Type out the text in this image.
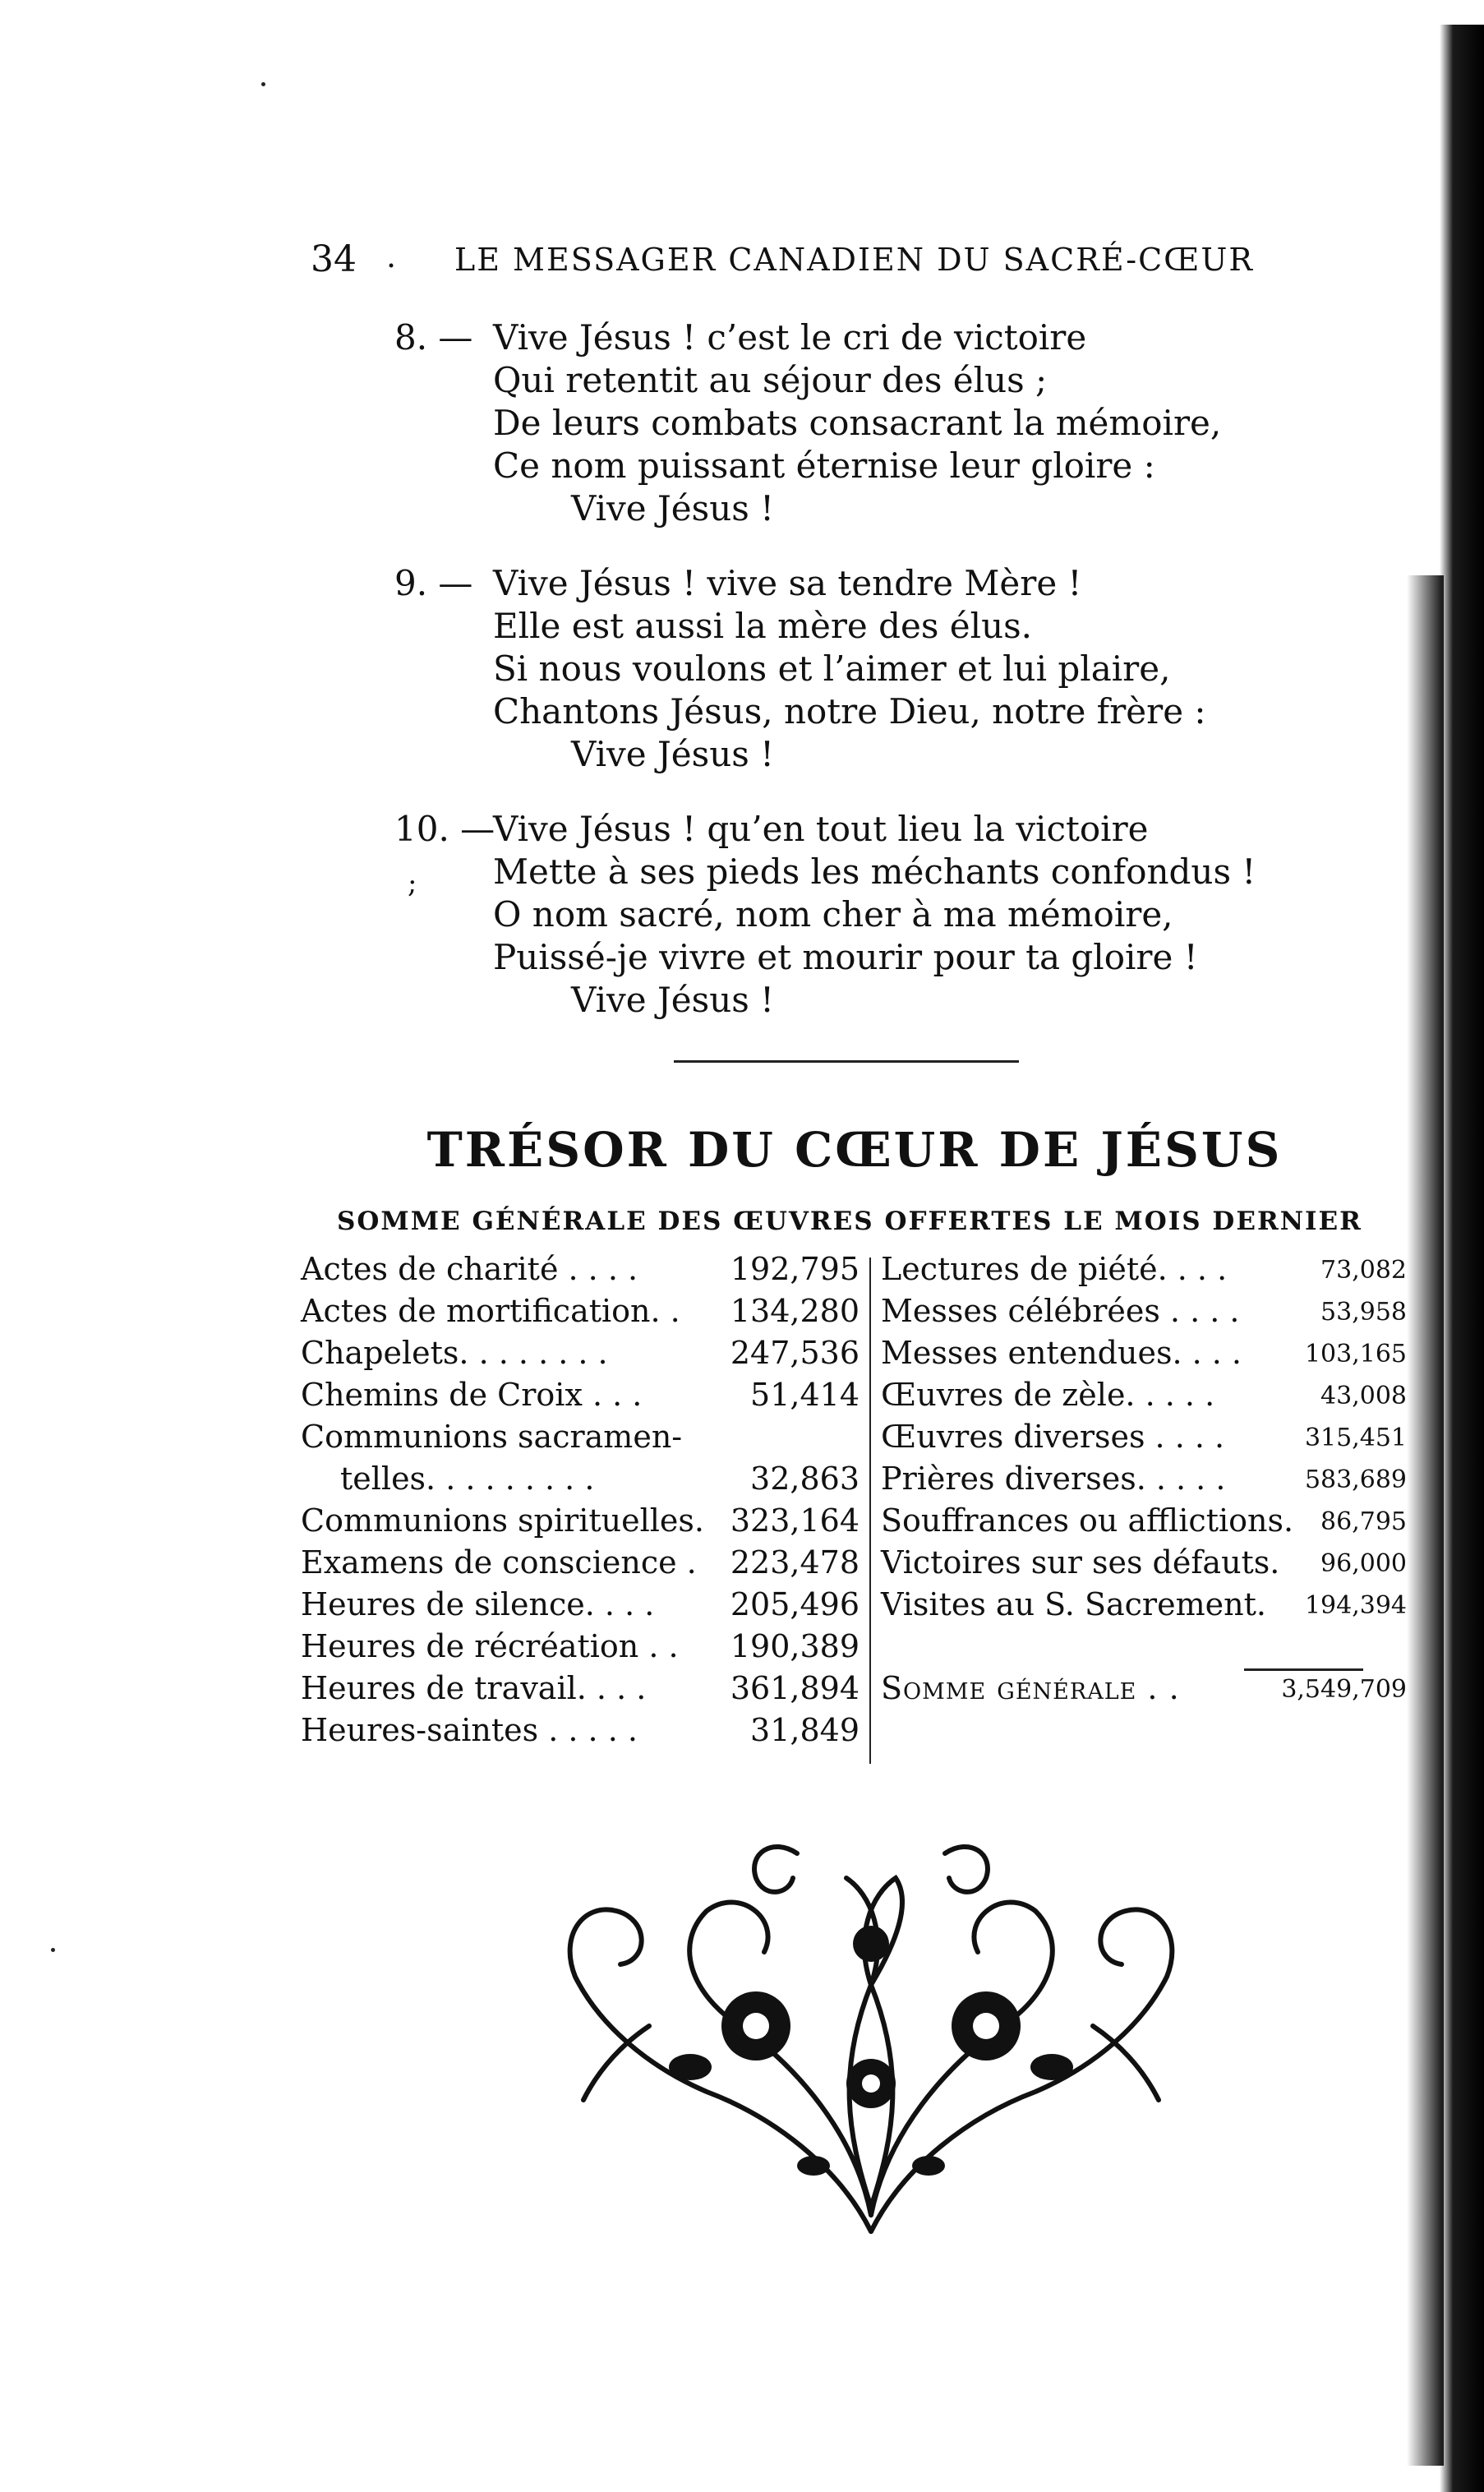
34 . LE MESSAGER CANADIEN DU SACRÉ-CŒUR
8. — Vive Jésus ! c’est le cri de victoire
Qui retentit au séjour des élus ;
De leurs combats consacrant la mémoire,
Ce nom puissant éternise leur gloire :
Vive Jésus !
9. — Vive Jésus ! vive sa tendre Mère !
Elle est aussi la mère des élus.
Si nous voulons et l’aimer et lui plaire,
Chantons Jésus, notre Dieu, notre frère :
Vive Jésus !
10. —
Vive Jésus ! qu’en tout lieu la victoire
Mette à ses pieds les méchants confondus !
O nom sacré, nom cher à ma mémoire,
Puissé-je vivre et mourir pour ta gloire !
Vive Jésus !
;
TRÉSOR DU CŒUR DE JÉSUS
SOMME GÉNÉRALE DES ŒUVRES OFFERTES LE MOIS DERNIER
Actes de charité . . . .	192,795
Actes de mortification. . 134,280
Chapelets. . . . . . . .	247,536
Chemins de Croix . . .	51,414
Communions sacramen-
telles. . . . . . . . .	32,863
Communions spirituelles. 323,164
Examens de conscience . 223,478
Heures de silence. . . . 205,496
Heures de récréation . . 190,389
Heures de travail. . . .	361,894
Heures-saintes . . . . .	31,849
Lectures de piété. . . .	73,082
Messes célébrées . . . .	53,958
Messes entendues. . . .	103,165
Œuvres de zèle. . . . .	43,008
Œuvres diverses . . . .	315,451
Prières diverses. . . . .	583,689
Souffrances ou afflictions. 86,795
Victoires sur ses défauts. 96,000
Visites au S. Sacrement. 194,394
Somme générale . .	3,549,709
